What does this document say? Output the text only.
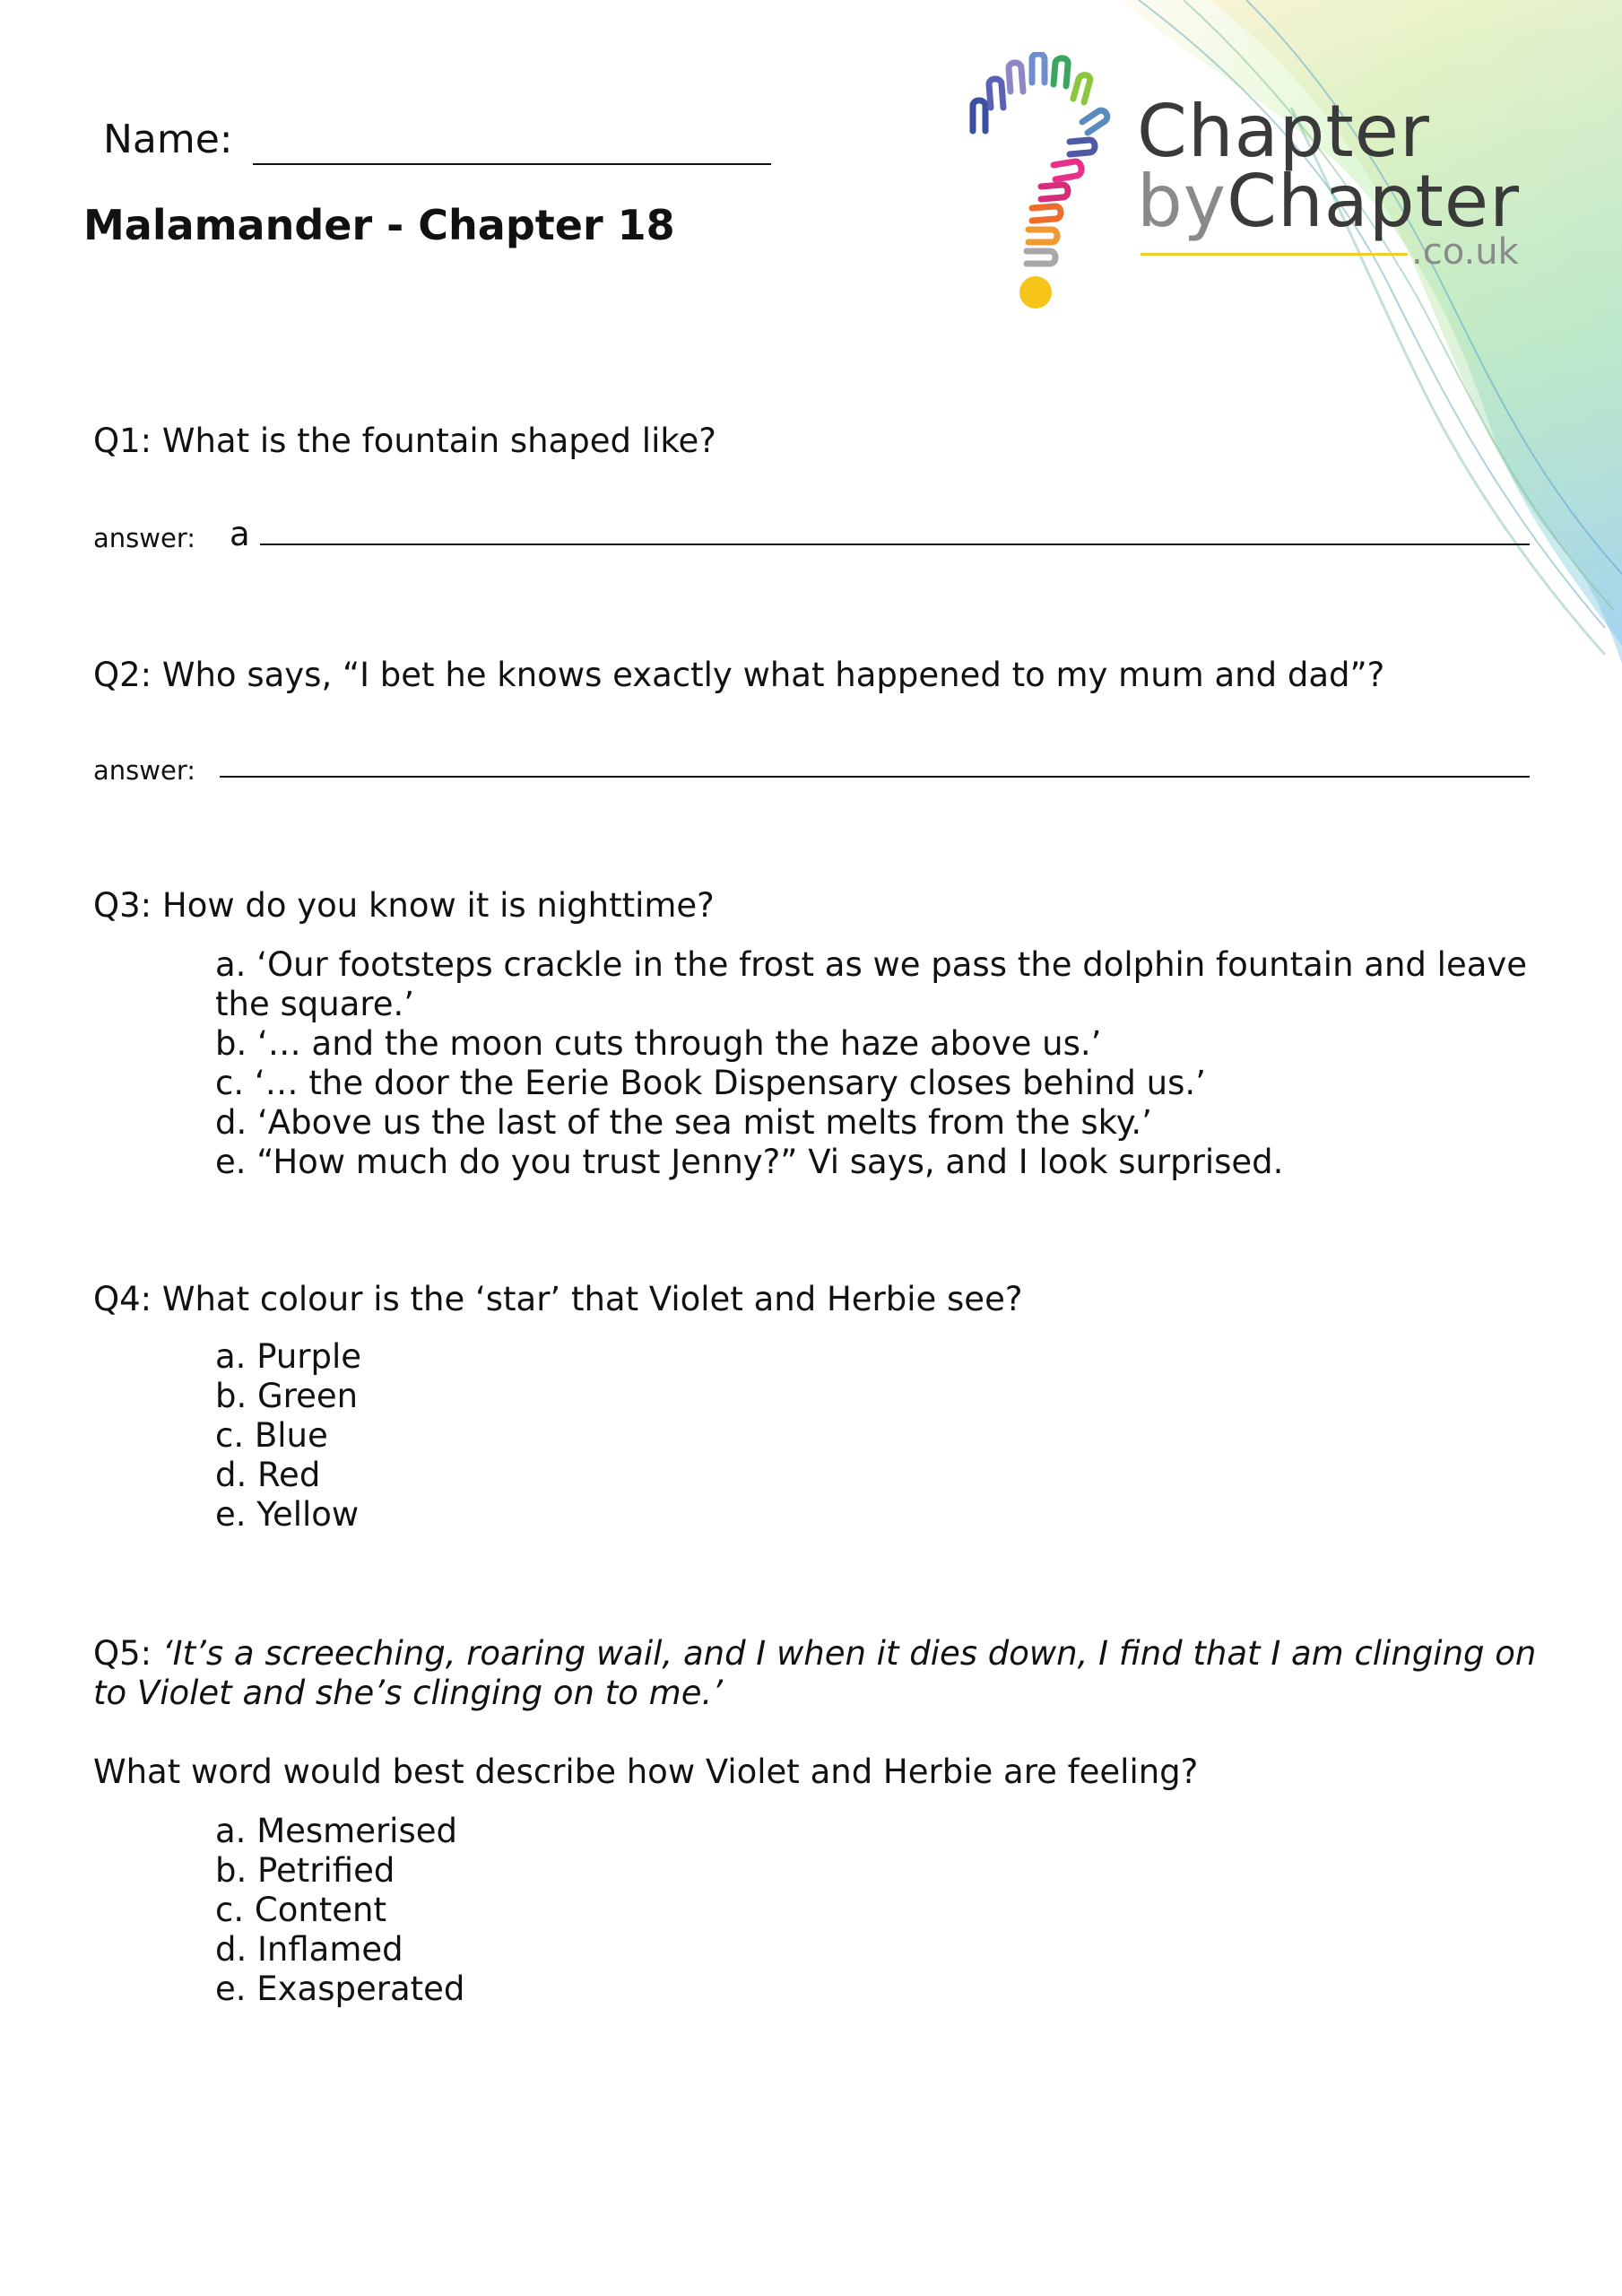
Chapter
byChapter
.co.uk
Name:
Malamander - Chapter 18
Q1: What is the fountain shaped like?
answer: a
Q2: Who says, “I bet he knows exactly what happened to my mum and dad”?
answer:
Q3: How do you know it is nighttime?
a. ‘Our footsteps crackle in the frost as we pass the dolphin fountain and leave the square.’
b. ‘… and the moon cuts through the haze above us.’
c. ‘… the door the Eerie Book Dispensary closes behind us.’
d. ‘Above us the last of the sea mist melts from the sky.’
e. “How much do you trust Jenny?” Vi says, and I look surprised.
Q4: What colour is the ‘star’ that Violet and Herbie see?
a. Purple
b. Green
c. Blue
d. Red
e. Yellow
Q5: ‘It’s a screeching, roaring wail, and I when it dies down, I find that I am clinging on to Violet and she’s clinging on to me.’
What word would best describe how Violet and Herbie are feeling?
a. Mesmerised
b. Petrified
c. Content
d. Inflamed
e. Exasperated
